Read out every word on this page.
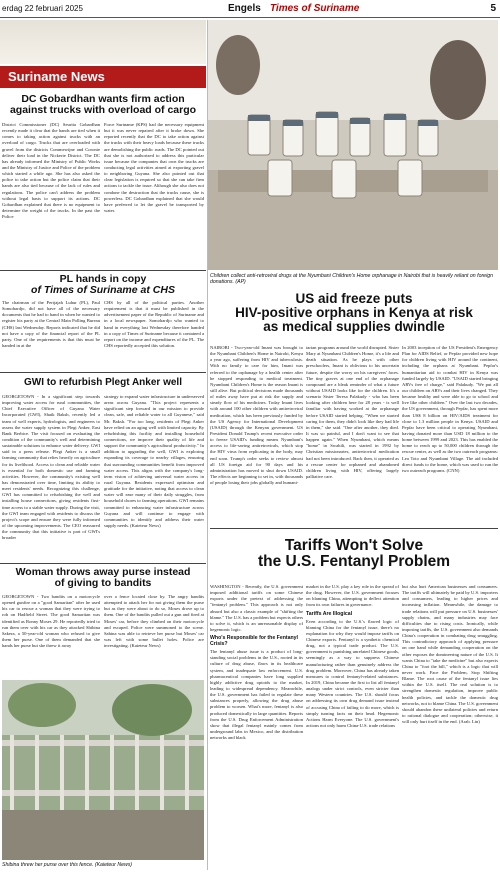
erdag 22 februari 2025	Engels Times of Suriname	5
Suriname News
Children collect anti-retroviral drugs at the Nyumbani Children's Home orphanage in Nairobi that is heavily reliant on foreign donations. (AP)
DC Gobardhan wants firm action
against trucks with overload of cargo
District Commissioner (DC) Seurita Gobardhan recently made it clear that the hands are tied when it comes to taking action against trucks with an overload of cargo. Trucks that are overloaded with gravel from the districts Commewijne and Coronie deliver their load in the Nickerie District. The DC has already informed the Ministry of Public Works and the Ministry of Justice and Police of the problem which started a while ago. She has also asked the police to take action but the police claim that their hands are also tied because of the lack of rules and regulations. The police can't address the problem without legal basis to support its actions. DC Gobardhan explained that there is no equipment to determine the weight of the trucks. In the past the Police
Force Suriname (KPS) had the necessary equipment but it was never repaired after it broke down. She reported recently that the DC to take action against the trucks with their heavy loads because these trucks are demolishing the public roads. The DC pointed out that she is not authorized to address this particular issue because the companies that own the trucks are conducting legal activities aimed at exporting gravel to neighboring Guyana. She also pointed out that clear legislation is required so that she can take firm actions to tackle the issue. Although she also does not condone the destruction that the trucks cause, she is powerless. DC Gobardhan explained that she would have preferred to let the gravel be transported by water.
PL hands in copy
of Times of Suriname at CHS
The chairman of the Pertjajah Luhur (PL), Paul Somohardjo, did not have all of the necessary documents that he had to hand in when he wanted to register his party at the Central Main Polling Bureau (CHS) last Wednesday. Reports indicated that he did not have a copy of the financial report of the PL party. One of the requirements is that this must be handed in at the
CHS by all of the political parties. Another requirement is that it must be published in the advertisement paper of the Republic of Suriname and in a local newspaper. Somohardjo who wanted to hand in everything last Wednesday therefore handed in a copy of Times of Suriname because it contained a report on the income and expenditures of the PL. The CHS reportedly accepted this solution.
US aid freeze puts
HIV-positive orphans in Kenya at risk
as medical supplies dwindle
NAIROBI - Two-year-old Imani was brought to the Nyumbani Children's Home in Nairobi, Kenya a year ago, suffering from HIV and tuberculosis. With no family to care for him, Imani was referred to the orphanage by a health center after he stopped responding to medical treatment. Nyumbani Children's Home is the reason Imani is still alive. But political decisions made thousands of miles away have put at risk the supply and steady flow of his medicines. Today Imani lives with around 100 other children with antiretroviral medication, which has been previously funded by the US Agency for International Development (USAID) through the Kenyan government. US President Donald Trump's recent executive order to freeze USAID's funding means Nyumbani's access to life-saving antiretrovirals, which stop the HIV virus from replicating in the body, may end soon. Trump's order seeks to review almost all US foreign aid for 90 days and his administration has moved to shut down USAID. The effects are beginning to set in, with thousands of people losing their jobs globally and humani-
tarian programs around the world disrupted. Sister Mary at Nyumbani Children's Home, it's a life and death situation. As he plays with other preschoolers, Imani is oblivious to his uncertain future, despite the worry on his caregivers' faces. The tiny graves at one end of the orphanage compound are a bleak reminder of what a future without USAID looks like for the children. It's a scenario Sister Teresa Palakudy - who has been looking after children here for 28 years - is well familiar with having worked at the orphanage before USAID started helping. "When we started caring for them, they didn't look like they had life in them," she said. "One after another, they died. It was so painful, and I don't want to see that happen again." When Nyumbani, which means "home" in Swahili, was started in 1992 by Christian missionaries, antiretroviral medication had not been introduced. Back then, it operated as a rescue center for orphaned and abandoned children living with HIV, offering largely palliative care.
In 2003 inception of the US President's Emergency Plan for AIDS Relief, or Pepfar provided new hope for children living with HIV around the continent, including the orphans at Nyumbani. Pepfar's humanitarian aid to combat HIV in Kenya was funded largely by USAID. "USAID started bringing ARVs free of charge," said Palakudy. "We put all our children on ARVs and their lives changed. They became healthy and were able to go to school and live like other children." Over the last two decades, the US government, through Pepfar, has spent more than US$ 8 billion on HIV/AIDS treatment for close to 1.3 million people in Kenya. USAID and Pepfar have been critical to operating Nyumbani, having donated more than USD 18 million to the home between 1999 and 2023. This has enabled the home to reach up to 50,000 children through the rescue center, as well as the two outreach programs: Lea Toto and Nyumbani Village. The aid included direct funds to the home, which was used to run the two outreach programs. (CNN)
GWI to refurbish Plegt Anker well
GEORGETOWN - In a significant step towards improving water access for rural communities, the Chief Executive Officer of Guyana Water Incorporated (GWI), Shaik Baksh, recently led a team of well experts, hydrologists, and engineers to assess the water supply system in Plegt Anker, East Bank Berbice. The visit focused on evaluating the condition of the community's well and determining sustainable solutions to enhance water delivery. GWI said in a press release. Plegt Anker is a small farming community that relies heavily on agriculture for its livelihood. Access to clean and reliable water is essential for both domestic use and farming activities. However, the community's existing well has demonstrated over time, limiting its ability to meet residents' needs. Recognizing this challenge, GWI has committed to refurbishing the well and installing house connections, giving residents first-time access to a stable water supply. During the visit, the GWI team engaged with residents to discuss the project's scope and ensure they were fully informed of the upcoming improvements. The CEO reassured the community that this initiative is part of GWI's broader
strategy to expand water infrastructure in underserved areas across Guyana. "This project represents a significant step forward in our mission to provide clean, safe, and reliable water to all Guyanese," said Mr. Baksh. "For too long, residents of Plegt Anker have relied on an aging well with limited capacity. By refurbishing this facility and installing household connections, we improve their quality of life and support the community's agricultural productivity." In addition to upgrading the well, GWI is exploring expanding its coverage to nearby villages, ensuring that surrounding communities benefit from improved water access. This aligns with the company's long-term vision of achieving universal water access in rural Guyana. Residents expressed optimism and gratitude for the initiative, noting that access to clean water will ease many of their daily struggles, from household chores to farming operations. GWI remains committed to enhancing water infrastructure across Guyana and will continue to engage with communities to identify and address their water supply needs. (Kaieteur News)
Woman throws away purse instead
of giving to bandits
GEORGETOWN - Two bandits on a motorcycle opened gunfire on a "good Samaritan" after he used his car to rescue a woman that they were trying to rob on Hadfield Street. The good Samaritan was identified as Ronny Moses 29. He reportedly tried to run them over with his car as they attacked Shibina Sakera, a 50-year-old woman who refused to give them her purse. One of them demanded that she hands her purse but she threw it away
over a fence located close by. The angry bandits attempted to attack her for not giving them the purse but as they were about to do so, Moses drove up to them. One of the bandits pulled out a gun and fired at Moses' car, before they climbed on their motorcycle and escaped. Police were summoned to the scene. Sabina was able to retrieve her purse but Moses' car was left with some bullet holes. Police are investigating. (Kaieteur News)
Shibina threw her purse over this fence. (Kaieteur News)
Tariffs Won't Solve
the U.S. Fentanyl Problem
WASHINGTON - Recently, the U.S. government imposed additional tariffs on some Chinese exports under the pretext of addressing the "fentanyl problem." This approach is not only absurd but also a classic example of "shifting the blame." The U.S. has a problem but expects others to solve it, which is an unreasonable display of hegemonic logic.
Who's Responsible for the Fentanyl Crisis?
The fentanyl abuse issue is a product of long-standing social problems in the U.S., rooted in its culture of drug abuse, flaws in its healthcare system, and inadequate law enforcement. U.S. pharmaceutical companies have long supplied highly addictive drug opioids to the market, leading to widespread dependency. Meanwhile, the U.S. government has failed to regulate these substances properly, allowing the drug abuse problem to worsen. What's more, fentanyl is also produced domestically in large quantities. Reports from the U.S. Drug Enforcement Administration show that illegal fentanyl mainly comes from underground labs in Mexico, and the distribution networks and black
market in the U.S. play a key role in the spread of the drug. However, the U.S. government focuses on blaming China, attempting to deflect attention from its own failures in governance.
Tariffs Are Illogical
Even according to the U.S.'s flawed logic of blaming China for the fentanyl issue, there's no explanation for why they would impose tariffs on Chinese exports. Fentanyl is a synthetic chemical drug, not a typical trade product. The U.S. government is punishing unrelated Chinese goods, seemingly as a way to suppress Chinese manufacturing rather than genuinely address the drug problem. Moreover, China has already taken measures to control fentanyl-related substances. In 2019, China became the first to list all fentanyl analogs under strict controls, even stricter than many Western countries. The U.S. should focus on addressing its own drug demand issue instead of accusing China of failing to do more, which is simply turning facts on their head. Hegemonic Actions Harm Everyone. The U.S. government's actions not only harm China-U.S. trade relations
but also hurt American businesses and consumers. The tariffs will ultimately be paid by U.S. importers and consumers, leading to higher prices and increasing inflation. Meanwhile, the damage to trade relations will put pressure on U.S. businesses' supply chains, and many industries may face difficulties due to rising costs. Ironically, while imposing tariffs, the U.S. government also demands China's cooperation in combating drug smuggling. This contradictory approach of applying pressure on one hand while demanding cooperation on the other exposes the domineering nature of the U.S. It wants China to "take the medicine" but also expects China to "foot the bill," which is a logic that will never work. Face the Problem, Stop Shifting Blame. The root cause of the fentanyl issue lies within the U.S. itself. The real solution is to strengthen domestic regulation, improve public health policies, and tackle the domestic drug networks, not to blame China. The U.S. government should abandon these unilateral policies and return to rational dialogue and cooperation; otherwise, it will only hurt itself in the end. (Arab. Lin)
